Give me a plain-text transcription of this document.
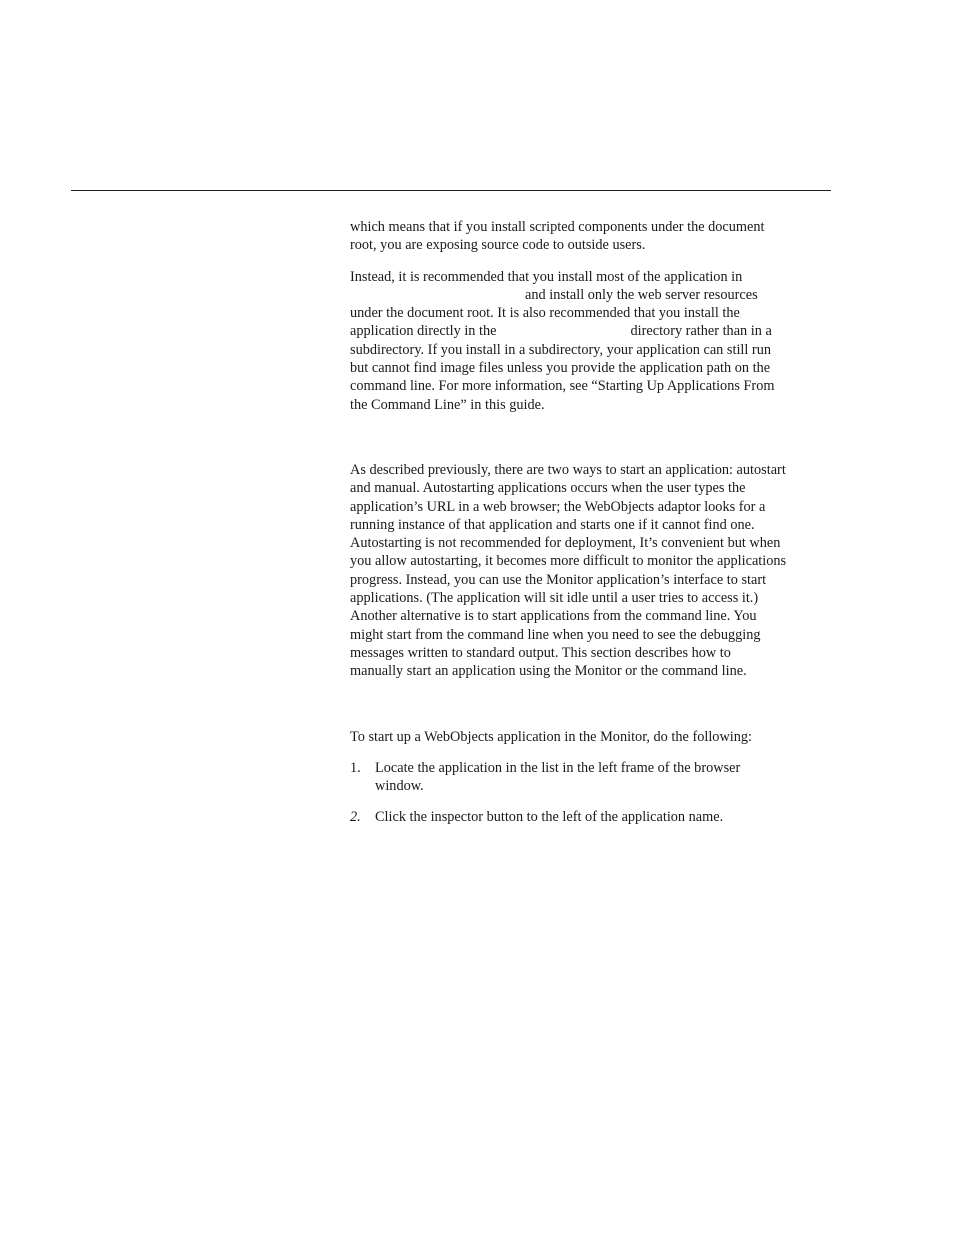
which means that if you install scripted components under the document
root, you are exposing source code to outside users.

Instead, it is recommended that you install most of the application in
and install only the web server resources
under the document root. It is also recommended that you install the
application directly in the	directory rather than in a
subdirectory. If you install in a subdirectory, your application can still run
but cannot find image files unless you provide the application path on the
command line. For more information, see “Starting Up Applications From
the Command Line” in this guide.

As described previously, there are two ways to start an application: autostart
and manual. Autostarting applications occurs when the user types the
application’s URL in a web browser; the WebObjects adaptor looks for a
running instance of that application and starts one if it cannot find one.
Autostarting is not recommended for deployment, It’s convenient but when
you allow autostarting, it becomes more difficult to monitor the applications
progress. Instead, you can use the Monitor application’s interface to start
applications. (The application will sit idle until a user tries to access it.)
Another alternative is to start applications from the command line. You
might start from the command line when you need to see the debugging
messages written to standard output. This section describes how to
manually start an application using the Monitor or the command line.

To start up a WebObjects application in the Monitor, do the following:

1. Locate the application in the list in the left frame of the browser
window.
2. Click the inspector button to the left of the application name.
